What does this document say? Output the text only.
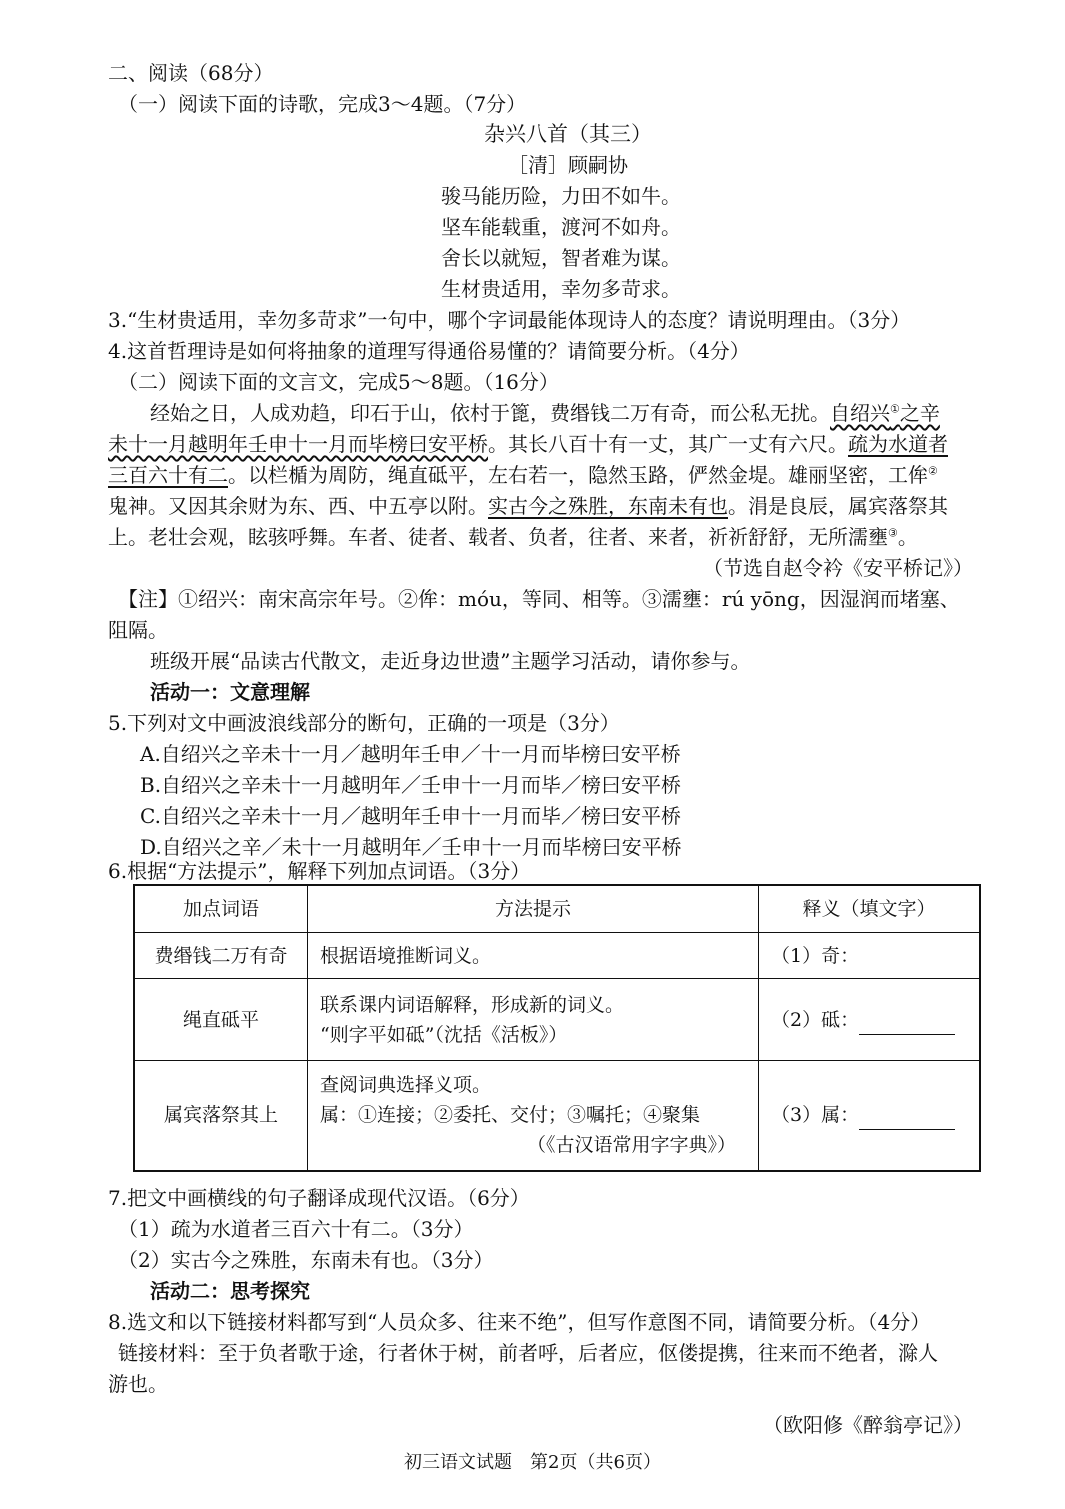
二、阅读（68分）
（一）阅读下面的诗歌，完成3～4题。（7分）
杂兴八首（其三）
［清］顾嗣协
骏马能历险，力田不如牛。
坚车能载重，渡河不如舟。
舍长以就短，智者难为谋。
生材贵适用，幸勿多苛求。
3.“生材贵适用，幸勿多苛求”一句中，哪个字词最能体现诗人的态度？请说明理由。（3分）
4.这首哲理诗是如何将抽象的道理写得通俗易懂的？请简要分析。（4分）
（二）阅读下面的文言文，完成5～8题。（16分）
经始之日，人成劝趋，印石于山，依村于篦，费缗钱二万有奇，而公私无扰。自绍兴①之辛
未十一月越明年壬申十一月而毕榜曰安平桥。其长八百十有一丈，其广一丈有六尺。疏为水道者
三百六十有二。以栏楯为周防，绳直砥平，左右若一，隐然玉路，俨然金堤。雄丽坚密，工侔②
鬼神。又因其余财为东、西、中五亭以附。实古今之殊胜，东南未有也。涓是良辰，属宾落祭其
上。老壮会观，眩骇呼舞。车者、徒者、载者、负者，往者、来者，祈祈舒舒，无所濡壅③。
（节选自赵令衿《安平桥记》）
【注】①绍兴：南宋高宗年号。②侔：móu，等同、相等。③濡壅：rú yōng，因湿润而堵塞、
阻隔。
班级开展“品读古代散文，走近身边世遗”主题学习活动，请你参与。
活动一：文意理解
5.下列对文中画波浪线部分的断句，正确的一项是（3分）
A.自绍兴之辛未十一月／越明年壬申／十一月而毕榜曰安平桥
B.自绍兴之辛未十一月越明年／壬申十一月而毕／榜曰安平桥
C.自绍兴之辛未十一月／越明年壬申十一月而毕／榜曰安平桥
D.自绍兴之辛／未十一月越明年／壬申十一月而毕榜曰安平桥
6.根据“方法提示”，解释下列加点词语。（3分）
加点词语	方法提示	释义（填文字）
费缗钱二万有奇	根据语境推断词义。	（1）奇：
绳直砥平	联系课内词语解释，形成新的词义。
“则字平如砥”（沈括《活板》）	（2）砥：
属宾落祭其上	查阅词典选择义项。
属：①连接；②委托、交付；③嘱托；④聚集
（《古汉语常用字字典》）	（3）属：
7.把文中画横线的句子翻译成现代汉语。（6分）
（1）疏为水道者三百六十有二。（3分）
（2）实古今之殊胜，东南未有也。（3分）
活动二：思考探究
8.选文和以下链接材料都写到“人员众多、往来不绝”，但写作意图不同，请简要分析。（4分）
链接材料：至于负者歌于途，行者休于树，前者呼，后者应，伛偻提携，往来而不绝者，滁人
游也。
（欧阳修《醉翁亭记》）
初三语文试题　第2页（共6页）
